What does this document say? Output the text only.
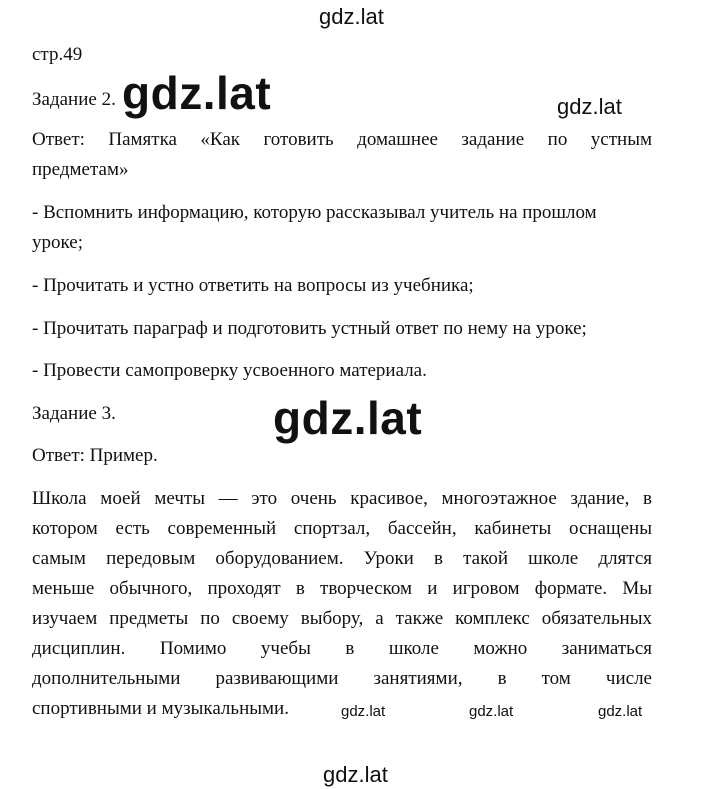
gdz.lat
gdz.lat	gdz.lat
gdz.lat
gdz.lat	gdz.lat	gdz.lat
gdz.lat
стр.49
Задание 2.

Ответ: Памятка «Как готовить домашнее задание по устным

предметам»

- Вспомнить информацию, которую рассказывал учитель на прошлом

уроке;

- Прочитать и устно ответить на вопросы из учебника;
- Прочитать параграф и подготовить устный ответ по нему на уроке;
- Провести самопроверку усвоенного материала.
Задание 3.
Ответ: Пример.

Школа моей мечты — это очень красивое, многоэтажное здание, в

котором есть современный спортзал, бассейн, кабинеты оснащены

самым передовым оборудованием. Уроки в такой школе длятся

меньше обычного, проходят в творческом и игровом формате. Мы

изучаем предметы по своему выбору, а также комплекс обязательных

дисциплин. Помимо учебы в школе можно заниматься

дополнительными развивающими занятиями, в том числе

спортивными и музыкальными.
